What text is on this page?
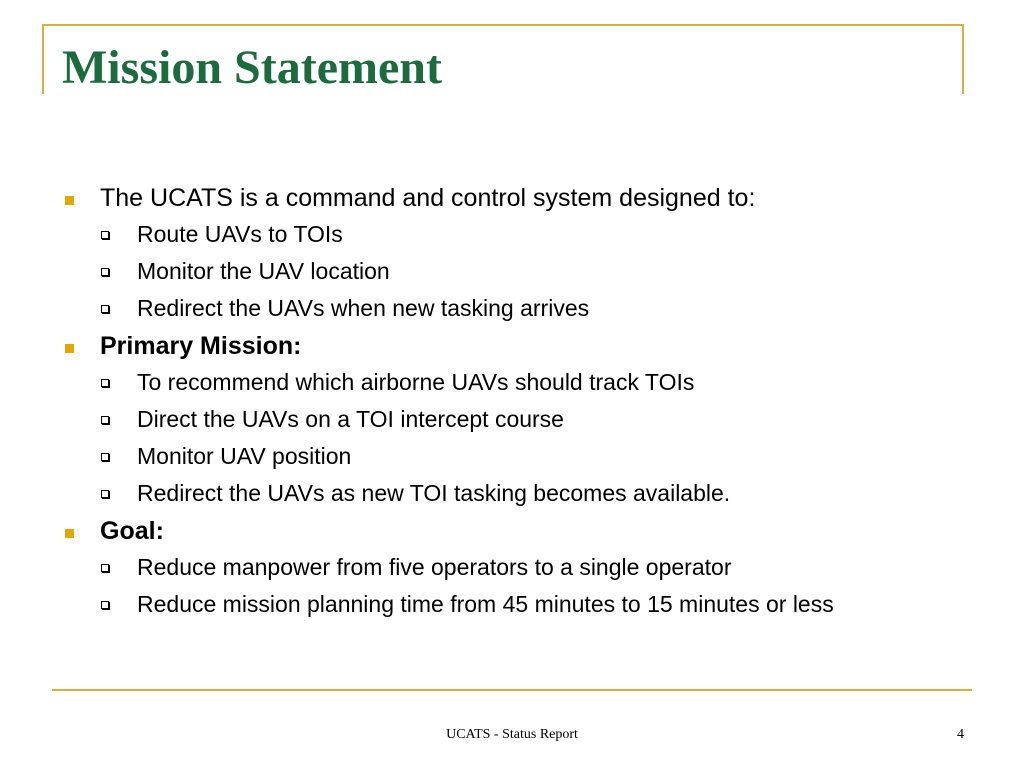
Mission Statement
The UCATS is a command and control system designed to:
Route UAVs to TOIs
Monitor the UAV location
Redirect the UAVs when new tasking arrives
Primary Mission:
To recommend which airborne UAVs should track TOIs
Direct the UAVs on a TOI intercept course
Monitor UAV position
Redirect the UAVs as new TOI tasking becomes available.
Goal:
Reduce manpower from five operators to a single operator
Reduce mission planning time from 45 minutes to 15 minutes or less
UCATS - Status Report	4
